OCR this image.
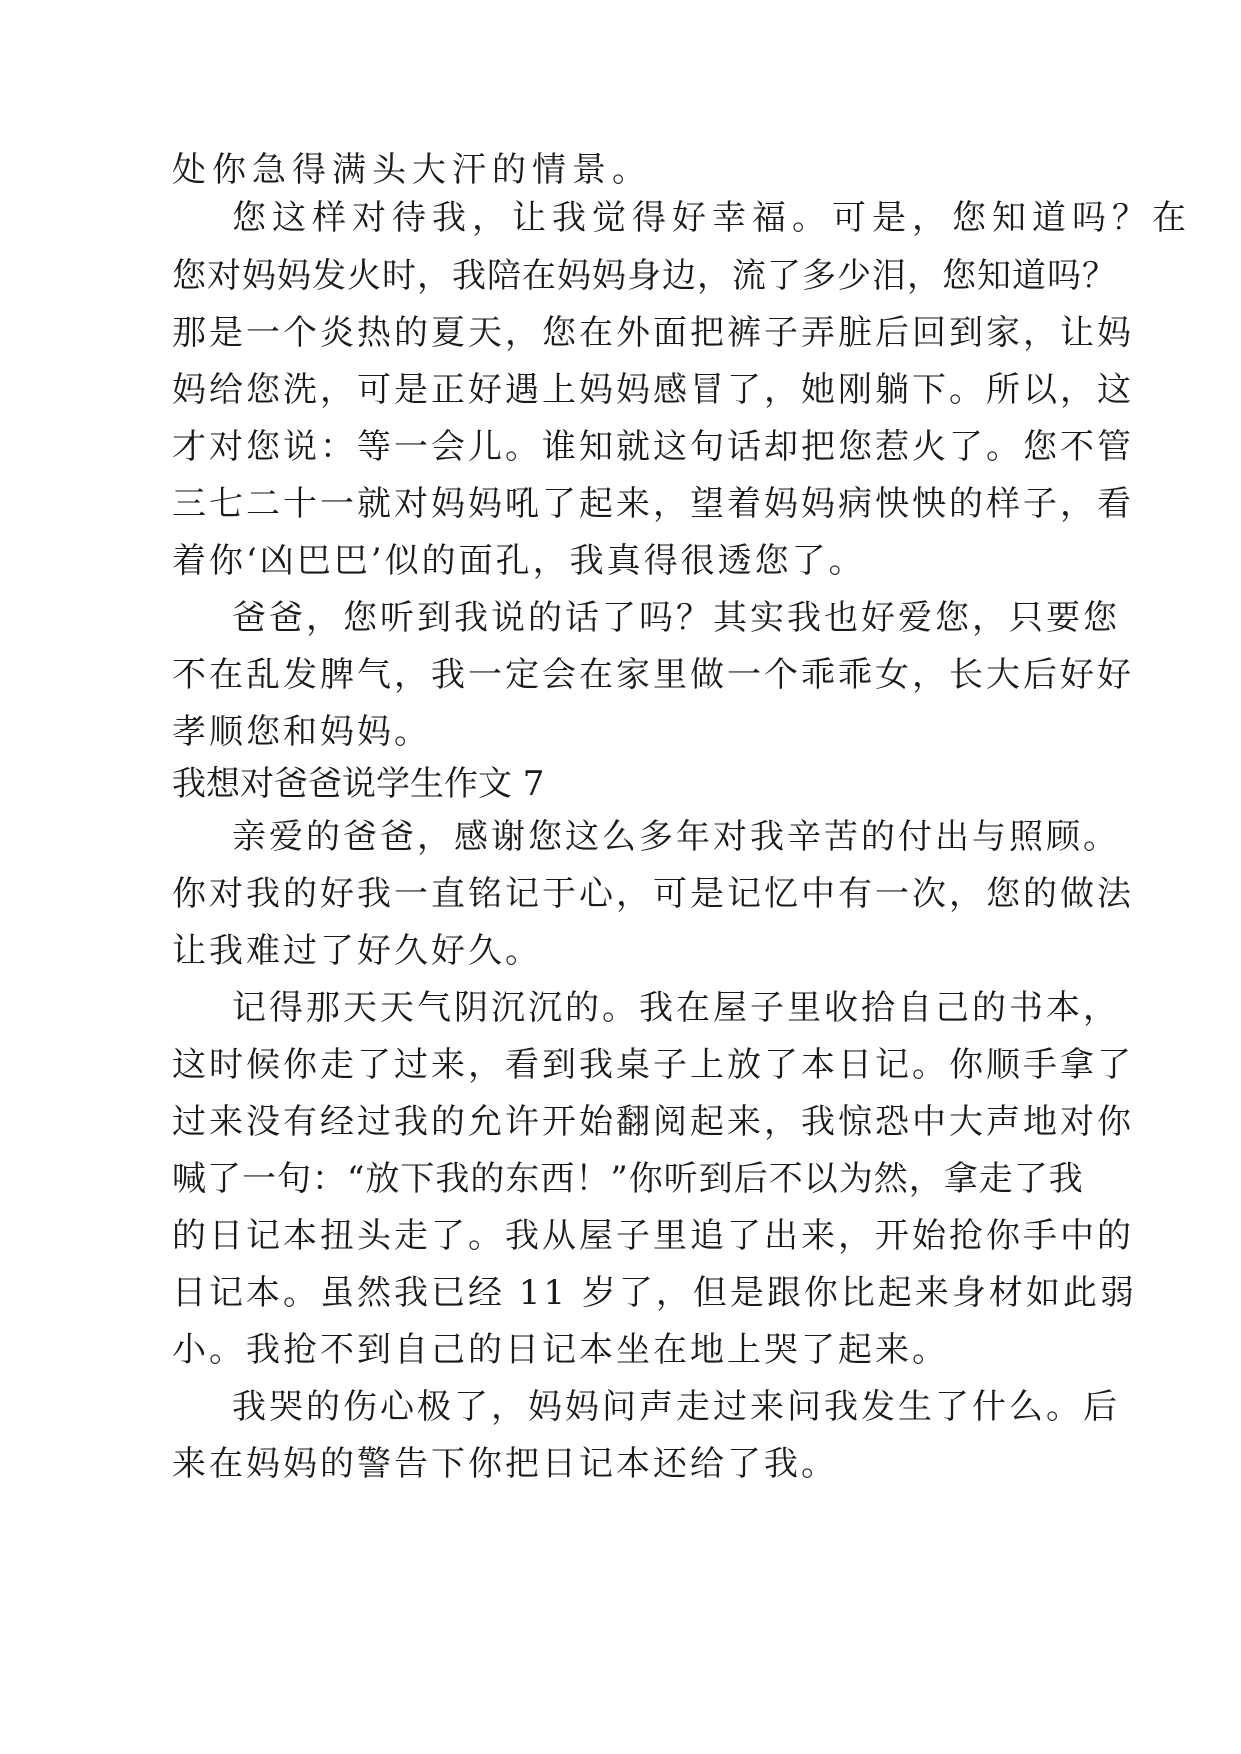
处你急得满头大汗的情景。
您这样对待我，让我觉得好幸福。可是，您知道吗？在
您对妈妈发火时，我陪在妈妈身边，流了多少泪，您知道吗？
那是一个炎热的夏天，您在外面把裤子弄脏后回到家，让妈
妈给您洗，可是正好遇上妈妈感冒了，她刚躺下。所以，这
才对您说：等一会儿。谁知就这句话却把您惹火了。您不管
三七二十一就对妈妈吼了起来，望着妈妈病怏怏的样子，看
着你‘凶巴巴’似的面孔，我真得很透您了。
爸爸，您听到我说的话了吗？其实我也好爱您，只要您
不在乱发脾气，我一定会在家里做一个乖乖女，长大后好好
孝顺您和妈妈。
我想对爸爸说学生作文 7
亲爱的爸爸，感谢您这么多年对我辛苦的付出与照顾。
你对我的好我一直铭记于心，可是记忆中有一次，您的做法
让我难过了好久好久。
记得那天天气阴沉沉的。我在屋子里收拾自己的书本，
这时候你走了过来，看到我桌子上放了本日记。你顺手拿了
过来没有经过我的允许开始翻阅起来，我惊恐中大声地对你
喊了一句：“放下我的东西！”你听到后不以为然，拿走了我
的日记本扭头走了。我从屋子里追了出来，开始抢你手中的
日记本。虽然我已经 11 岁了，但是跟你比起来身材如此弱
小。我抢不到自己的日记本坐在地上哭了起来。
我哭的伤心极了，妈妈问声走过来问我发生了什么。后
来在妈妈的警告下你把日记本还给了我。
